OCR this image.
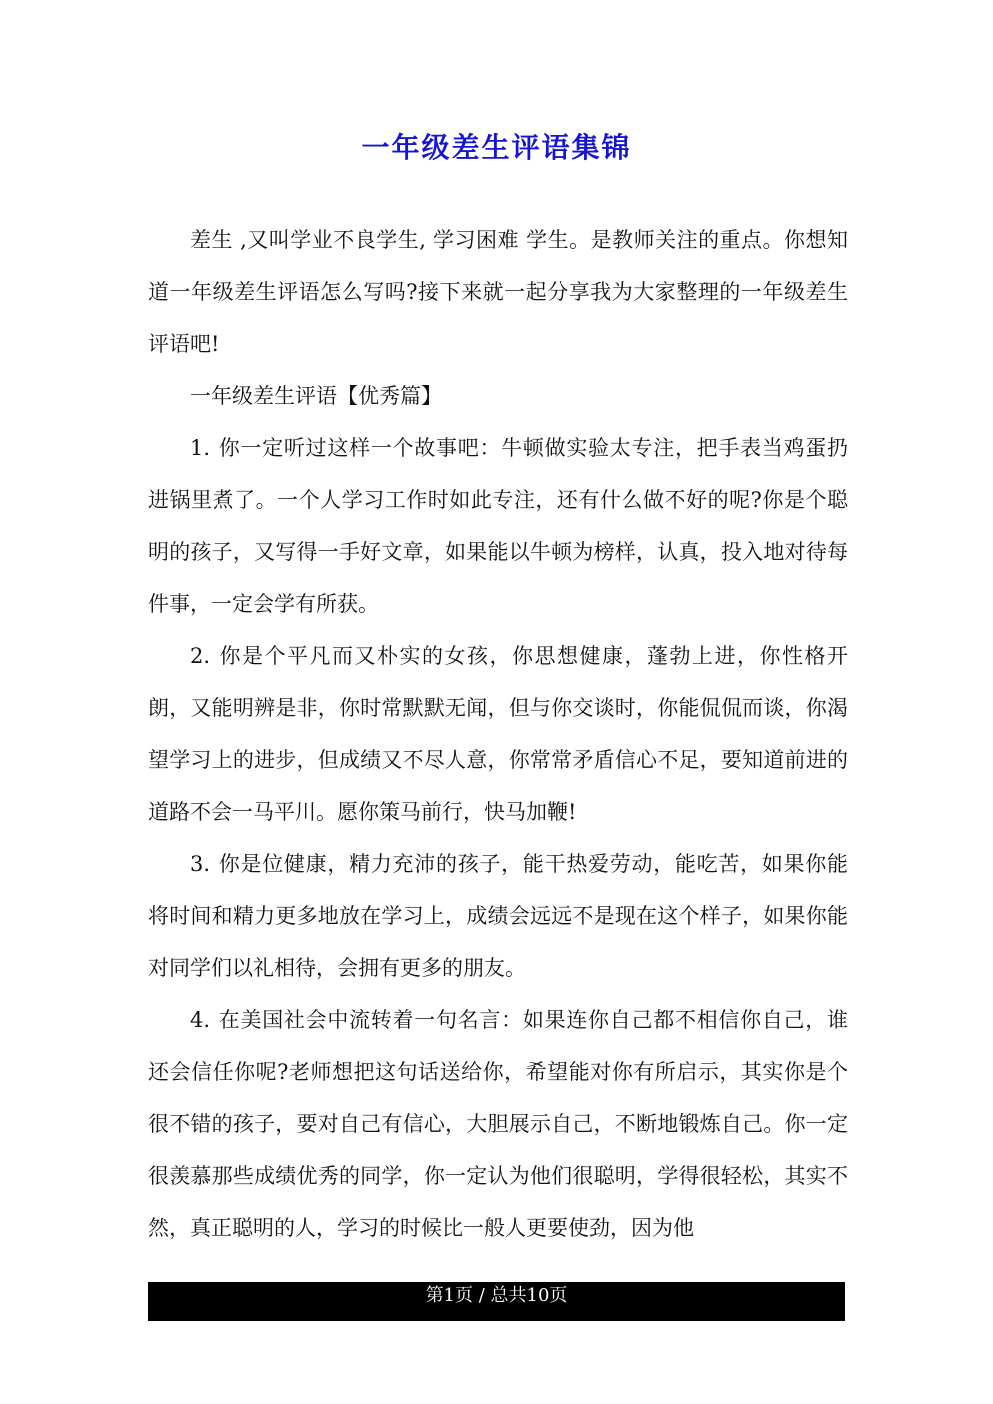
一年级差生评语集锦

差生 ,又叫学业不良学生, 学习困难 学生。是教师关注的重点。你想知道一年级差生评语怎么写吗?接下来就一起分享我为大家整理的一年级差生评语吧!

一年级差生评语【优秀篇】

1. 你一定听过这样一个故事吧：牛顿做实验太专注，把手表当鸡蛋扔进锅里煮了。一个人学习工作时如此专注，还有什么做不好的呢?你是个聪明的孩子，又写得一手好文章，如果能以牛顿为榜样，认真，投入地对待每件事，一定会学有所获。

2. 你是个平凡而又朴实的女孩，你思想健康，蓬勃上进，你性格开朗，又能明辨是非，你时常默默无闻，但与你交谈时，你能侃侃而谈，你渴望学习上的进步，但成绩又不尽人意，你常常矛盾信心不足，要知道前进的道路不会一马平川。愿你策马前行，快马加鞭!

3. 你是位健康，精力充沛的孩子，能干热爱劳动，能吃苦，如果你能将时间和精力更多地放在学习上，成绩会远远不是现在这个样子，如果你能对同学们以礼相待，会拥有更多的朋友。

4. 在美国社会中流转着一句名言：如果连你自己都不相信你自己，谁还会信任你呢?老师想把这句话送给你，希望能对你有所启示，其实你是个很不错的孩子，要对自己有信心，大胆展示自己，不断地锻炼自己。你一定很羡慕那些成绩优秀的同学，你一定认为他们很聪明，学得很轻松，其实不然，真正聪明的人，学习的时候比一般人更要使劲，因为他

第1页 / 总共10页
